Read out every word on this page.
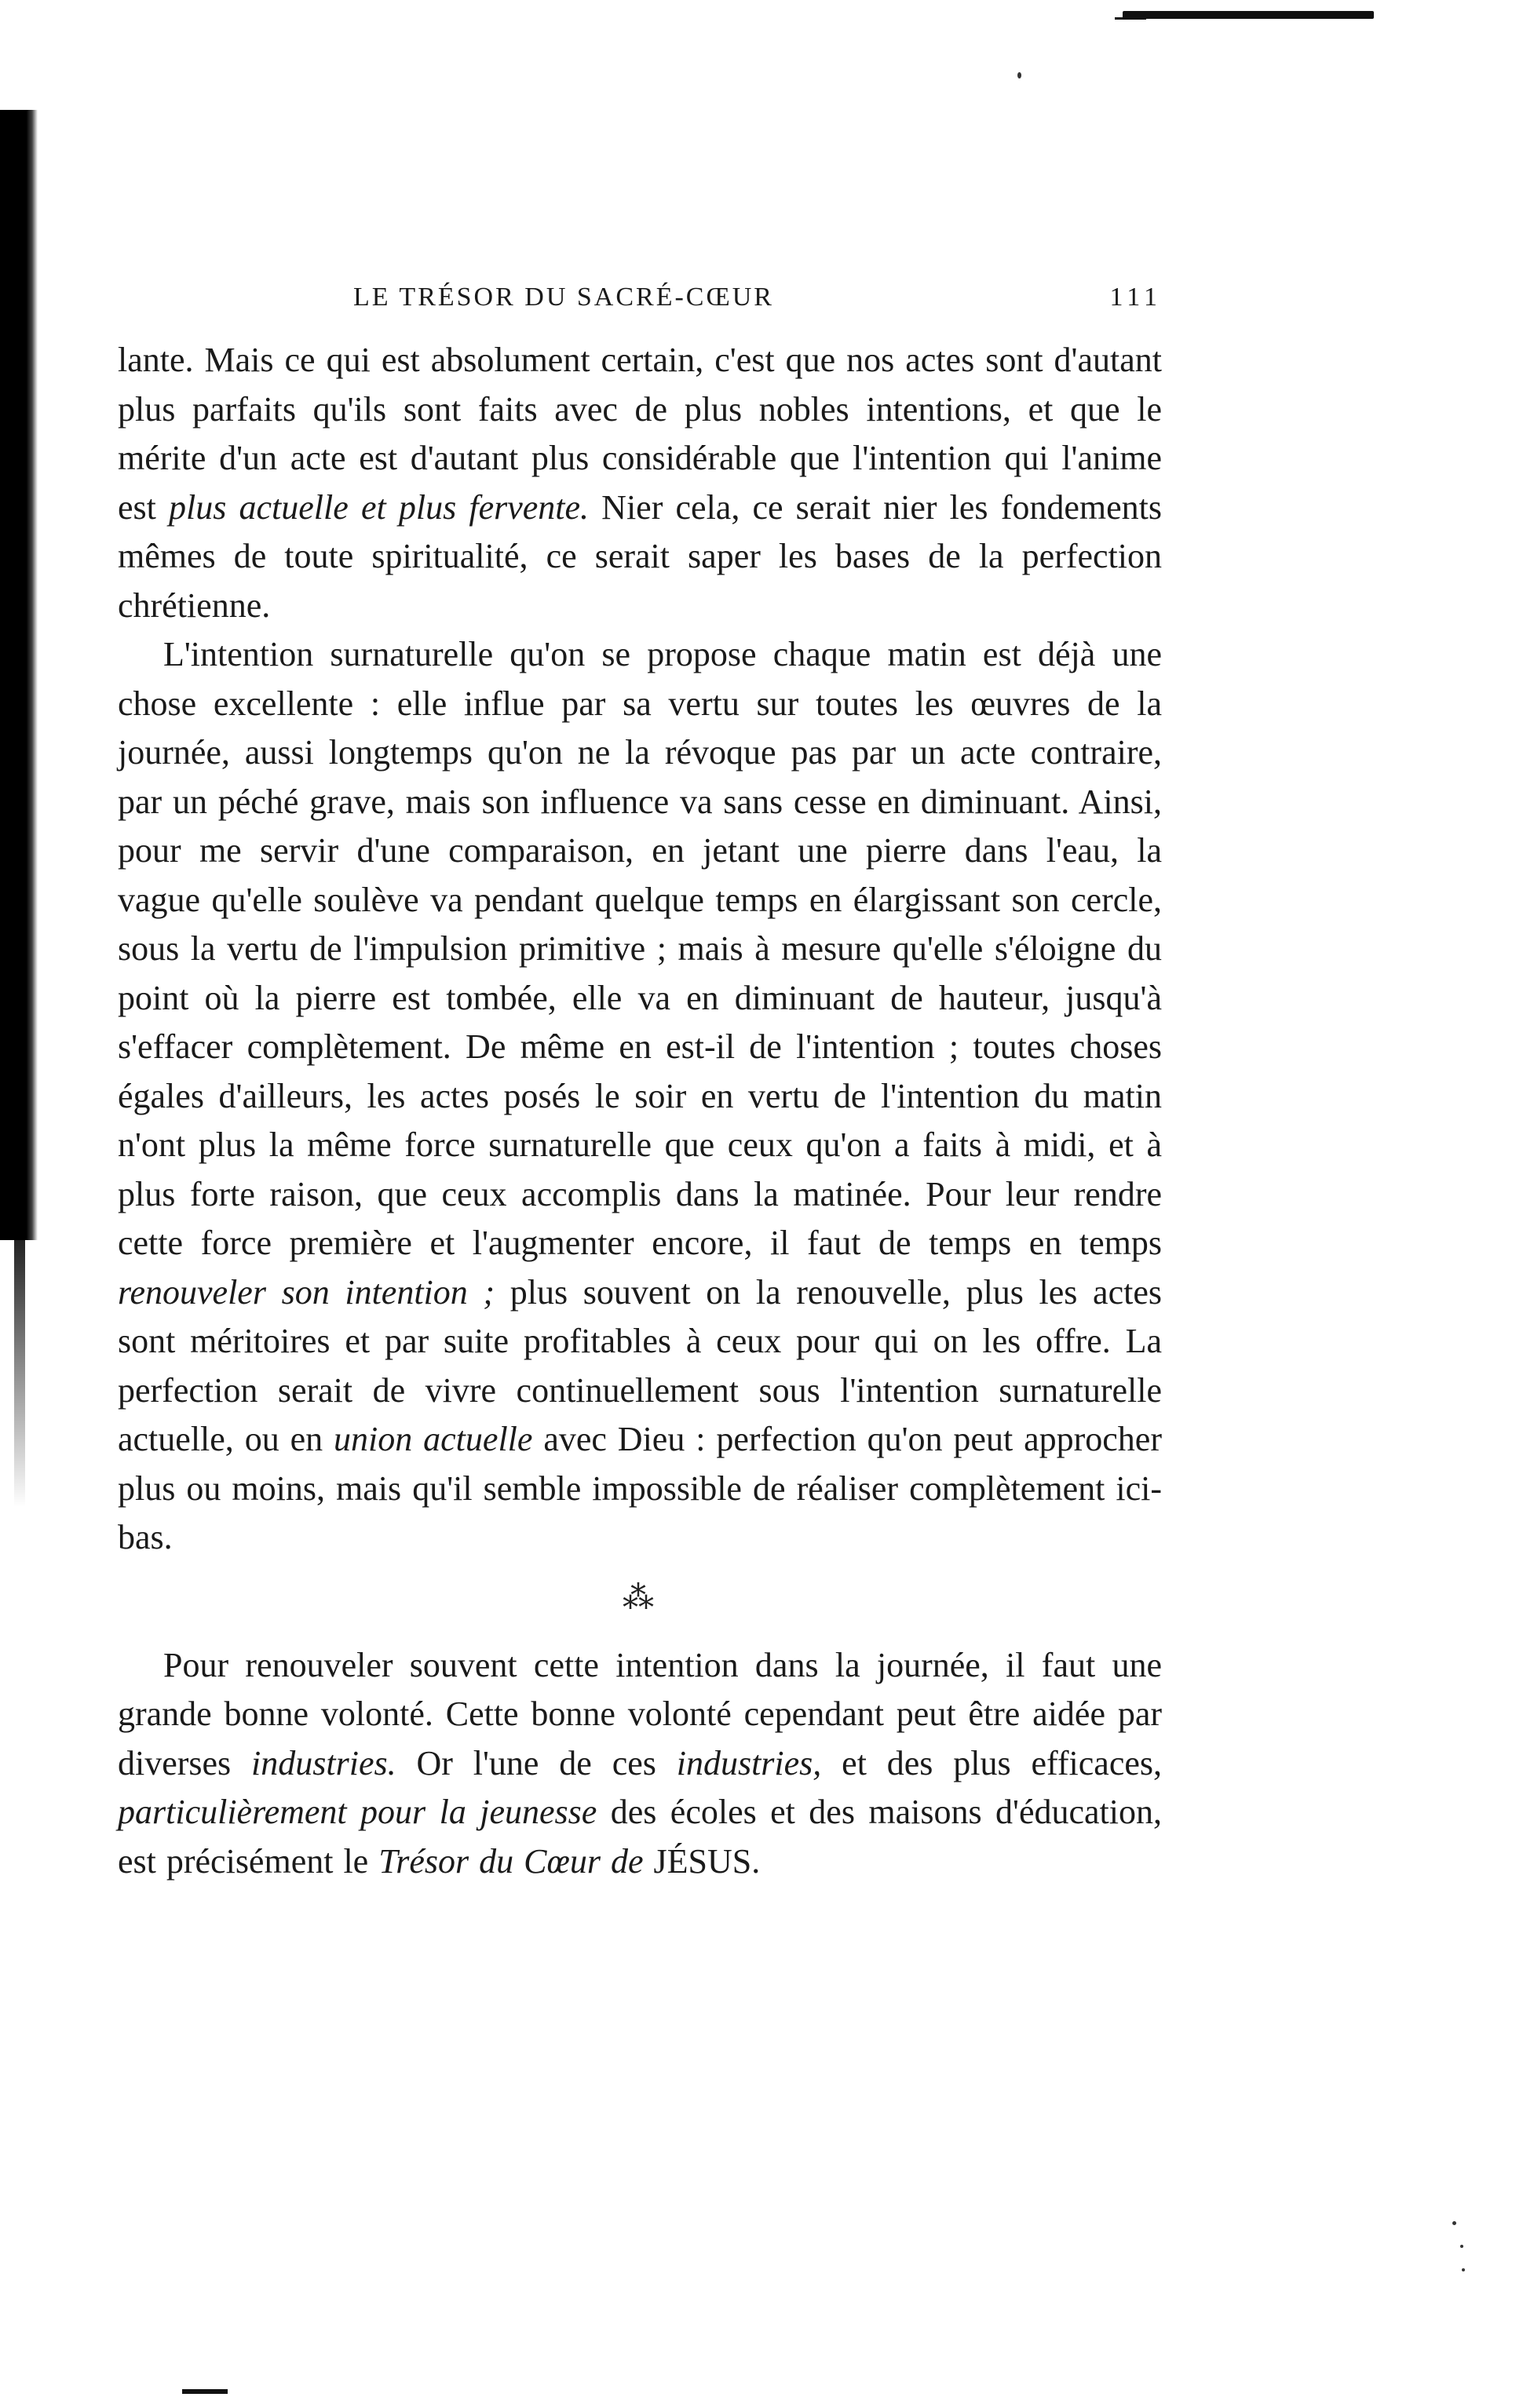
LE TRÉSOR DU SACRÉ-CŒUR	111

lante. Mais ce qui est absolument certain, c'est que nos actes sont d'autant plus parfaits qu'ils sont faits avec de plus nobles intentions, et que le mérite d'un acte est d'autant plus considérable que l'intention qui l'anime est plus actuelle et plus fervente. Nier cela, ce serait nier les fondements mêmes de toute spiritualité, ce serait saper les bases de la perfection chrétienne.

L'intention surnaturelle qu'on se propose chaque matin est déjà une chose excellente : elle influe par sa vertu sur toutes les œuvres de la journée, aussi longtemps qu'on ne la révoque pas par un acte contraire, par un péché grave, mais son influence va sans cesse en diminuant. Ainsi, pour me servir d'une comparaison, en jetant une pierre dans l'eau, la vague qu'elle soulève va pendant quelque temps en élargissant son cercle, sous la vertu de l'impulsion primitive ; mais à mesure qu'elle s'éloigne du point où la pierre est tombée, elle va en diminuant de hauteur, jusqu'à s'effacer complètement. De même en est-il de l'intention ; toutes choses égales d'ailleurs, les actes posés le soir en vertu de l'intention du matin n'ont plus la même force surnaturelle que ceux qu'on a faits à midi, et à plus forte raison, que ceux accomplis dans la matinée. Pour leur rendre cette force première et l'augmenter encore, il faut de temps en temps renouveler son intention ; plus souvent on la renouvelle, plus les actes sont méritoires et par suite profitables à ceux pour qui on les offre. La perfection serait de vivre continuellement sous l'intention surnaturelle actuelle, ou en union actuelle avec Dieu : perfection qu'on peut approcher plus ou moins, mais qu'il semble impossible de réaliser complètement ici-bas.

⁂

Pour renouveler souvent cette intention dans la journée, il faut une grande bonne volonté. Cette bonne volonté cependant peut être aidée par diverses industries. Or l'une de ces industries, et des plus efficaces, particulièrement pour la jeunesse des écoles et des maisons d'éducation, est précisément le Trésor du Cœur de JÉSUS.
